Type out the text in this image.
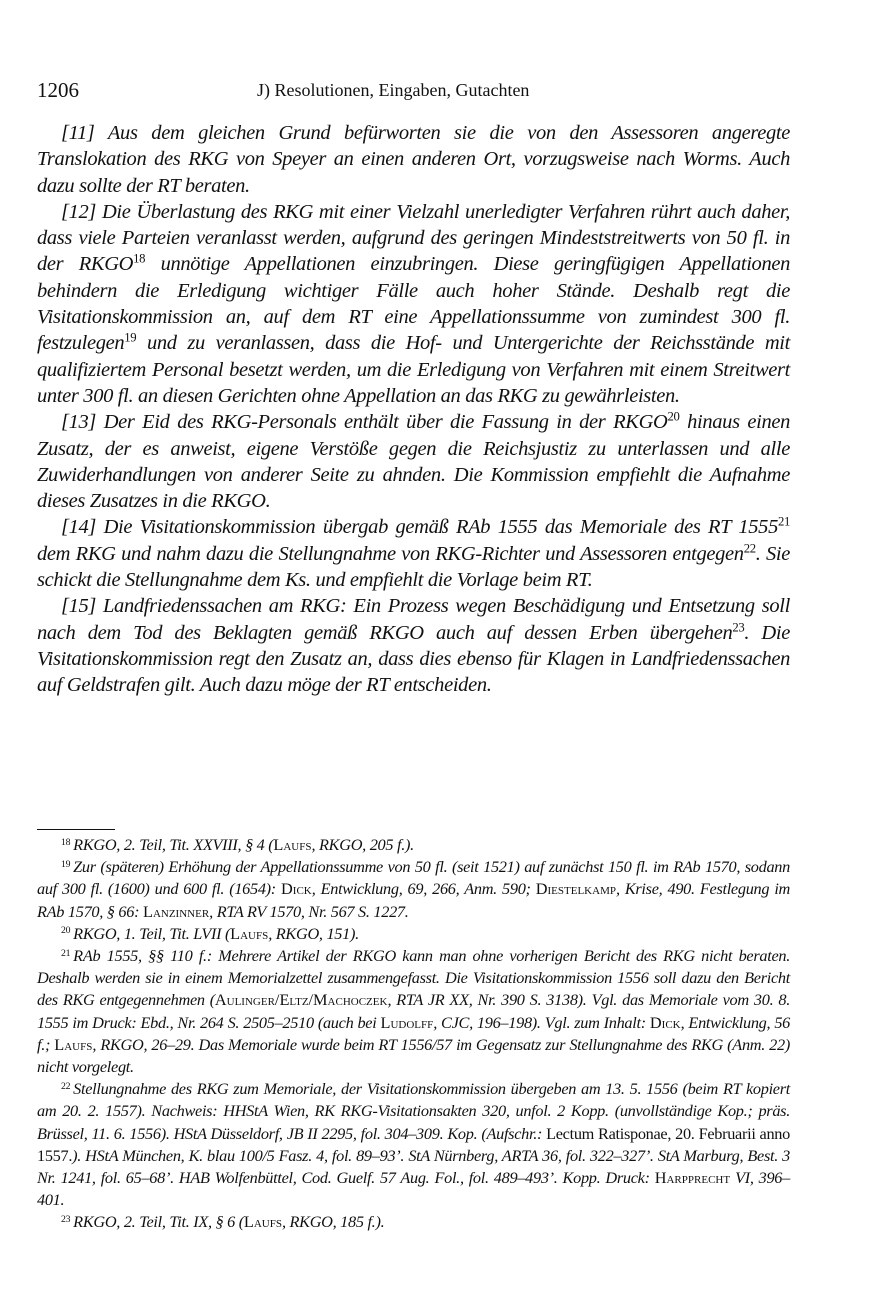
1206	J) Resolutionen, Eingaben, Gutachten

[11] Aus dem gleichen Grund befürworten sie die von den Assessoren angeregte Translokation des RKG von Speyer an einen anderen Ort, vorzugsweise nach Worms. Auch dazu sollte der RT beraten.

[12] Die Überlastung des RKG mit einer Vielzahl unerledigter Verfahren rührt auch daher, dass viele Parteien veranlasst werden, aufgrund des geringen Mindeststreitwerts von 50 fl. in der RKGO$^{18}$ unnötige Appellationen einzubringen. Diese geringfügigen Appellationen behindern die Erledigung wichtiger Fälle auch hoher Stände. Deshalb regt die Visitationskommission an, auf dem RT eine Appellationssumme von zumindest 300 fl. festzulegen$^{19}$ und zu veranlassen, dass die Hof- und Untergerichte der Reichsstände mit qualifiziertem Personal besetzt werden, um die Erledigung von Verfahren mit einem Streitwert unter 300 fl. an diesen Gerichten ohne Appellation an das RKG zu gewährleisten.

[13] Der Eid des RKG-Personals enthält über die Fassung in der RKGO$^{20}$ hinaus einen Zusatz, der es anweist, eigene Verstöße gegen die Reichsjustiz zu unterlassen und alle Zuwiderhandlungen von anderer Seite zu ahnden. Die Kommission empfiehlt die Aufnahme dieses Zusatzes in die RKGO.

[14] Die Visitationskommission übergab gemäß RAb 1555 das Memoriale des RT 1555$^{21}$ dem RKG und nahm dazu die Stellungnahme von RKG-Richter und Assessoren entgegen$^{22}$. Sie schickt die Stellungnahme dem Ks. und empfiehlt die Vorlage beim RT.

[15] Landfriedenssachen am RKG: Ein Prozess wegen Beschädigung und Entsetzung soll nach dem Tod des Beklagten gemäß RKGO auch auf dessen Erben übergehen$^{23}$. Die Visitationskommission regt den Zusatz an, dass dies ebenso für Klagen in Landfriedenssachen auf Geldstrafen gilt. Auch dazu möge der RT entscheiden.

$^{18}$ RKGO, 2. Teil, Tit. XXVIII, § 4 (Laufs, RKGO, 205 f.).

$^{19}$ Zur (späteren) Erhöhung der Appellationssumme von 50 fl. (seit 1521) auf zunächst 150 fl. im RAb 1570, sodann auf 300 fl. (1600) und 600 fl. (1654): Dick, Entwicklung, 69, 266, Anm. 590; Diestelkamp, Krise, 490. Festlegung im RAb 1570, § 66: Lanzinner, RTA RV 1570, Nr. 567 S. 1227.

$^{20}$ RKGO, 1. Teil, Tit. LVII (Laufs, RKGO, 151).

$^{21}$ RAb 1555, §§ 110 f.: Mehrere Artikel der RKGO kann man ohne vorherigen Bericht des RKG nicht beraten. Deshalb werden sie in einem Memorialzettel zusammengefasst. Die Visitationskommission 1556 soll dazu den Bericht des RKG entgegennehmen (Aulinger/Eltz/Machoczek, RTA JR XX, Nr. 390 S. 3138). Vgl. das Memoriale vom 30. 8. 1555 im Druck: Ebd., Nr. 264 S. 2505–2510 (auch bei Ludolff, CJC, 196–198). Vgl. zum Inhalt: Dick, Entwicklung, 56 f.; Laufs, RKGO, 26–29. Das Memoriale wurde beim RT 1556/57 im Gegensatz zur Stellungnahme des RKG (Anm. 22) nicht vorgelegt.

$^{22}$ Stellungnahme des RKG zum Memoriale, der Visitationskommission übergeben am 13. 5. 1556 (beim RT kopiert am 20. 2. 1557). Nachweis: HHStA Wien, RK RKG-Visitationsakten 320, unfol. 2 Kopp. (unvollständige Kop.; präs. Brüssel, 11. 6. 1556). HStA Düsseldorf, JB II 2295, fol. 304–309. Kop. (Aufschr.: Lectum Ratisponae, 20. Februarii anno 1557.). HStA München, K. blau 100/5 Fasz. 4, fol. 89–93’. StA Nürnberg, ARTA 36, fol. 322–327’. StA Marburg, Best. 3 Nr. 1241, fol. 65–68’. HAB Wolfenbüttel, Cod. Guelf. 57 Aug. Fol., fol. 489–493’. Kopp. Druck: Harpprecht VI, 396–401.

$^{23}$ RKGO, 2. Teil, Tit. IX, § 6 (Laufs, RKGO, 185 f.).
